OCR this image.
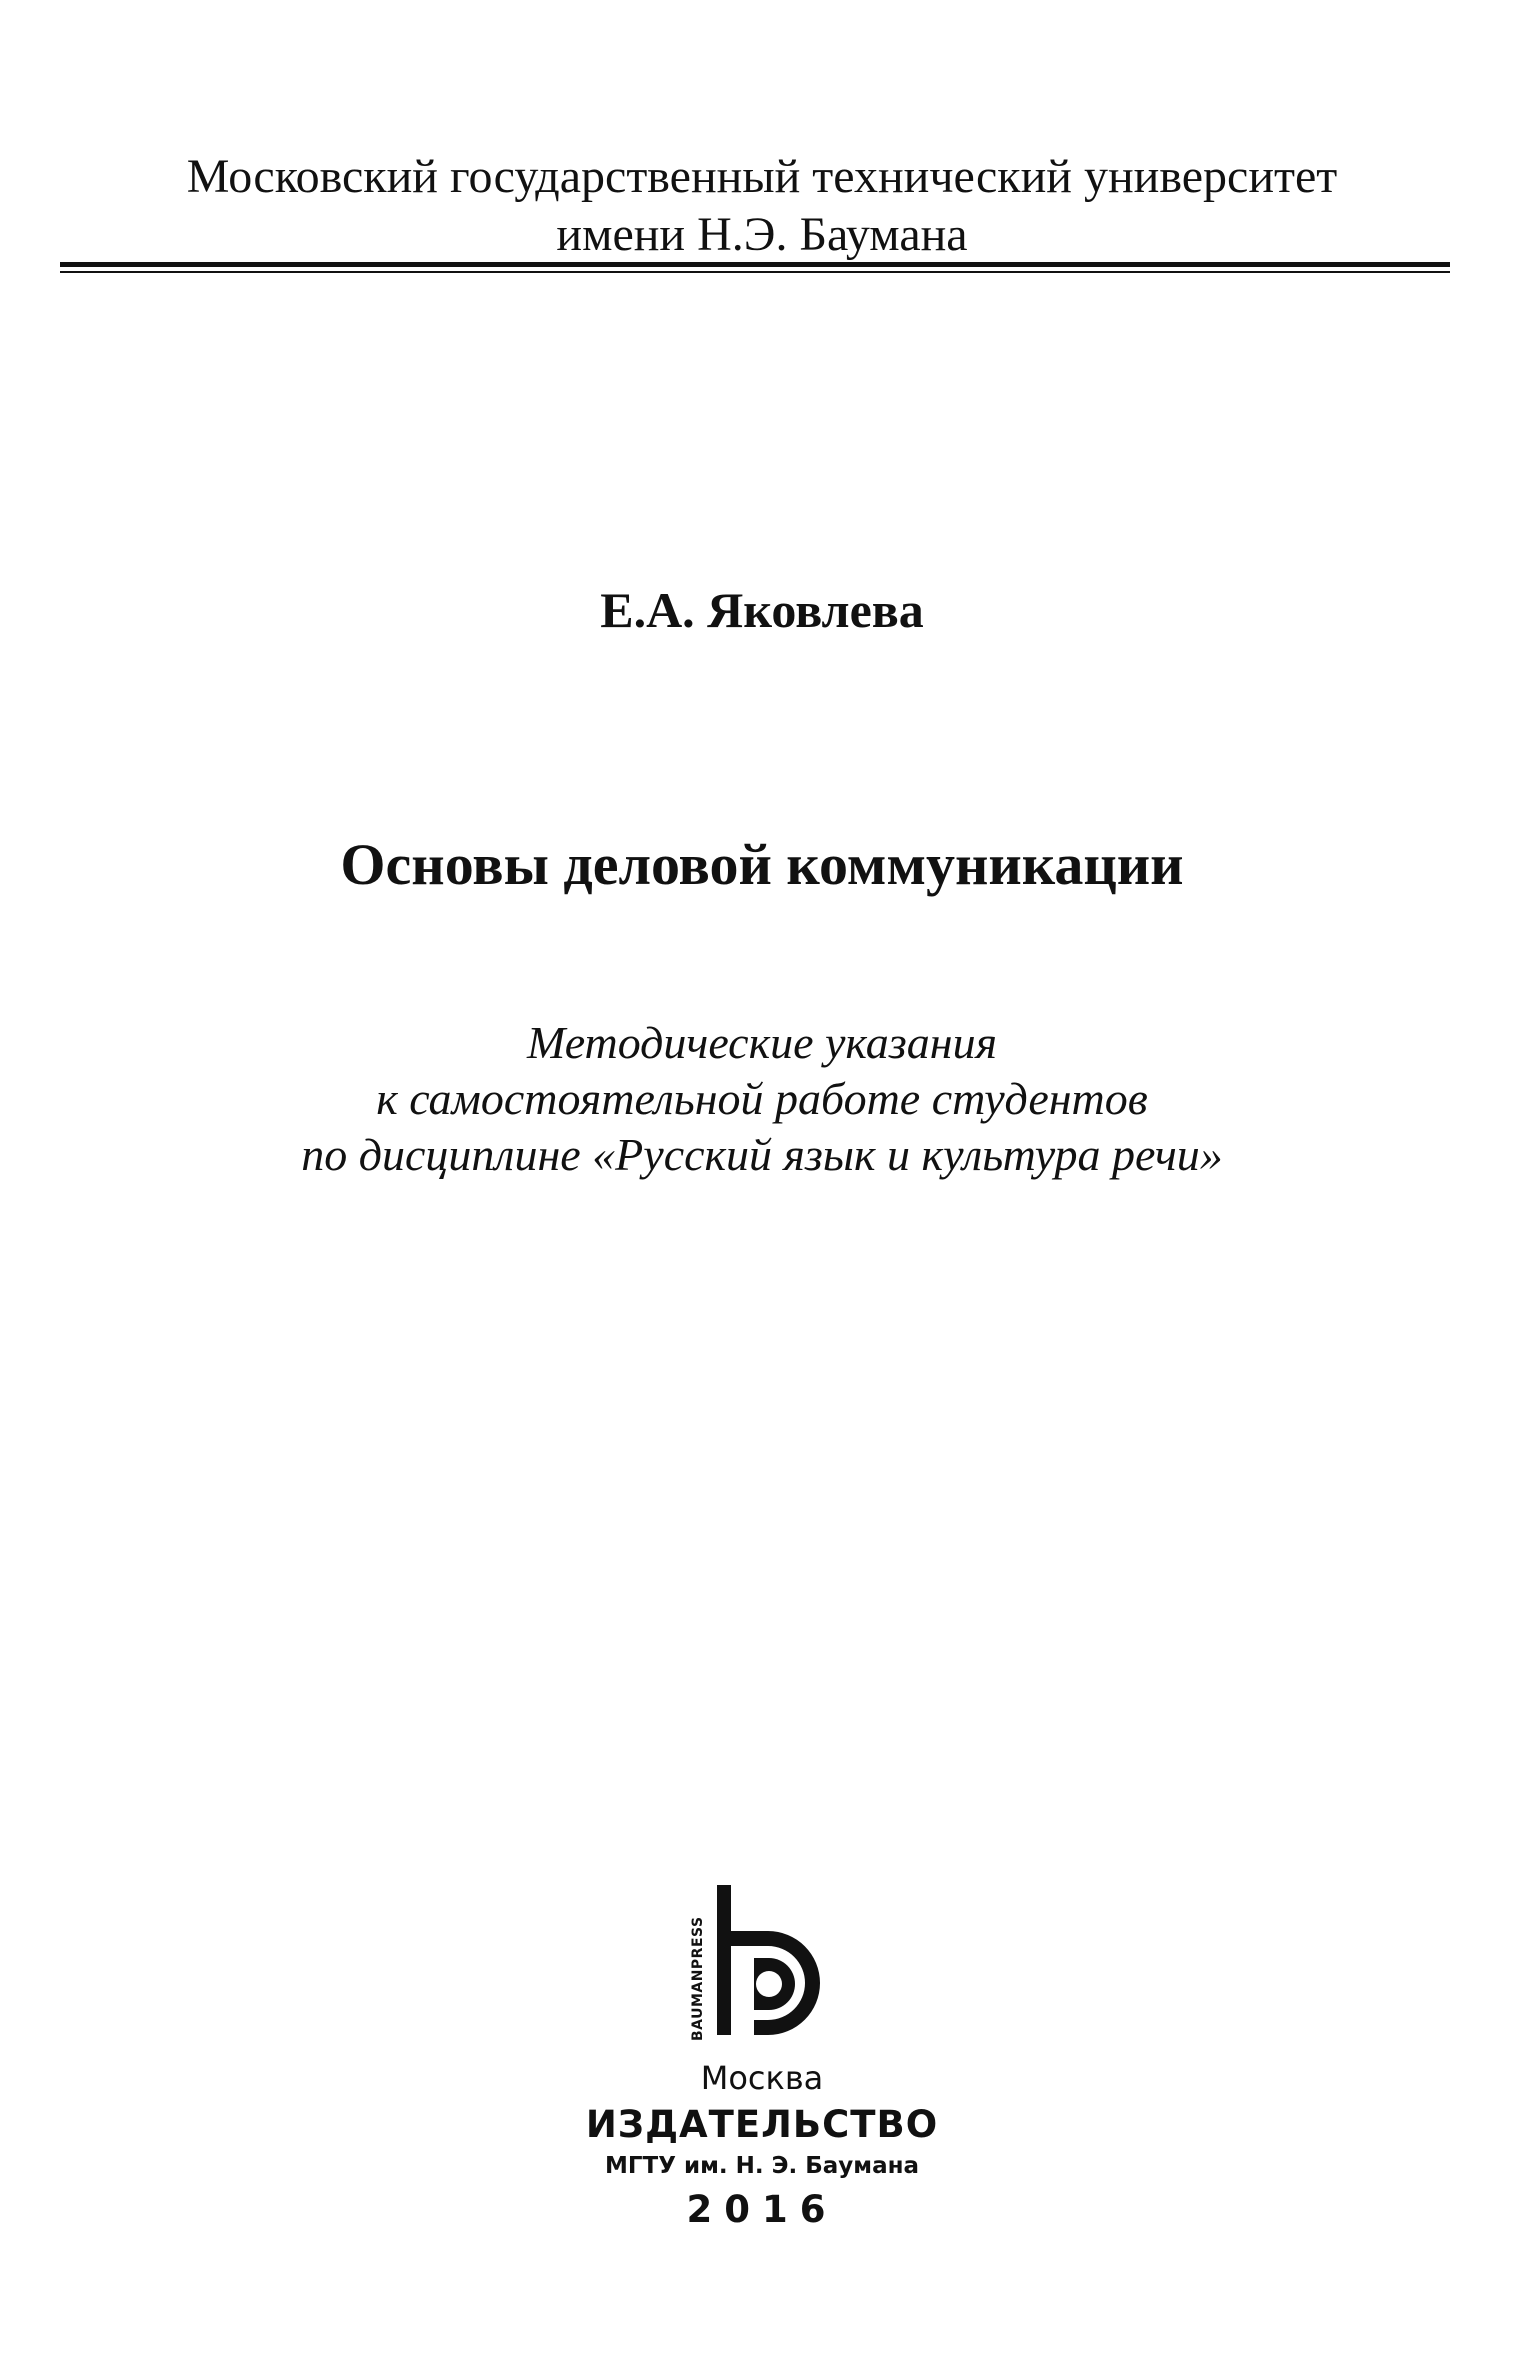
Московский государственный технический университет
имени Н.Э. Баумана
Е.А. Яковлева
Основы деловой коммуникации
Методические указания
к самостоятельной работе студентов
по дисциплине «Русский язык и культура речи»
BAUMANPRESS
Москва
ИЗДАТЕЛЬСТВО
МГТУ им. Н. Э. Баумана
2016
